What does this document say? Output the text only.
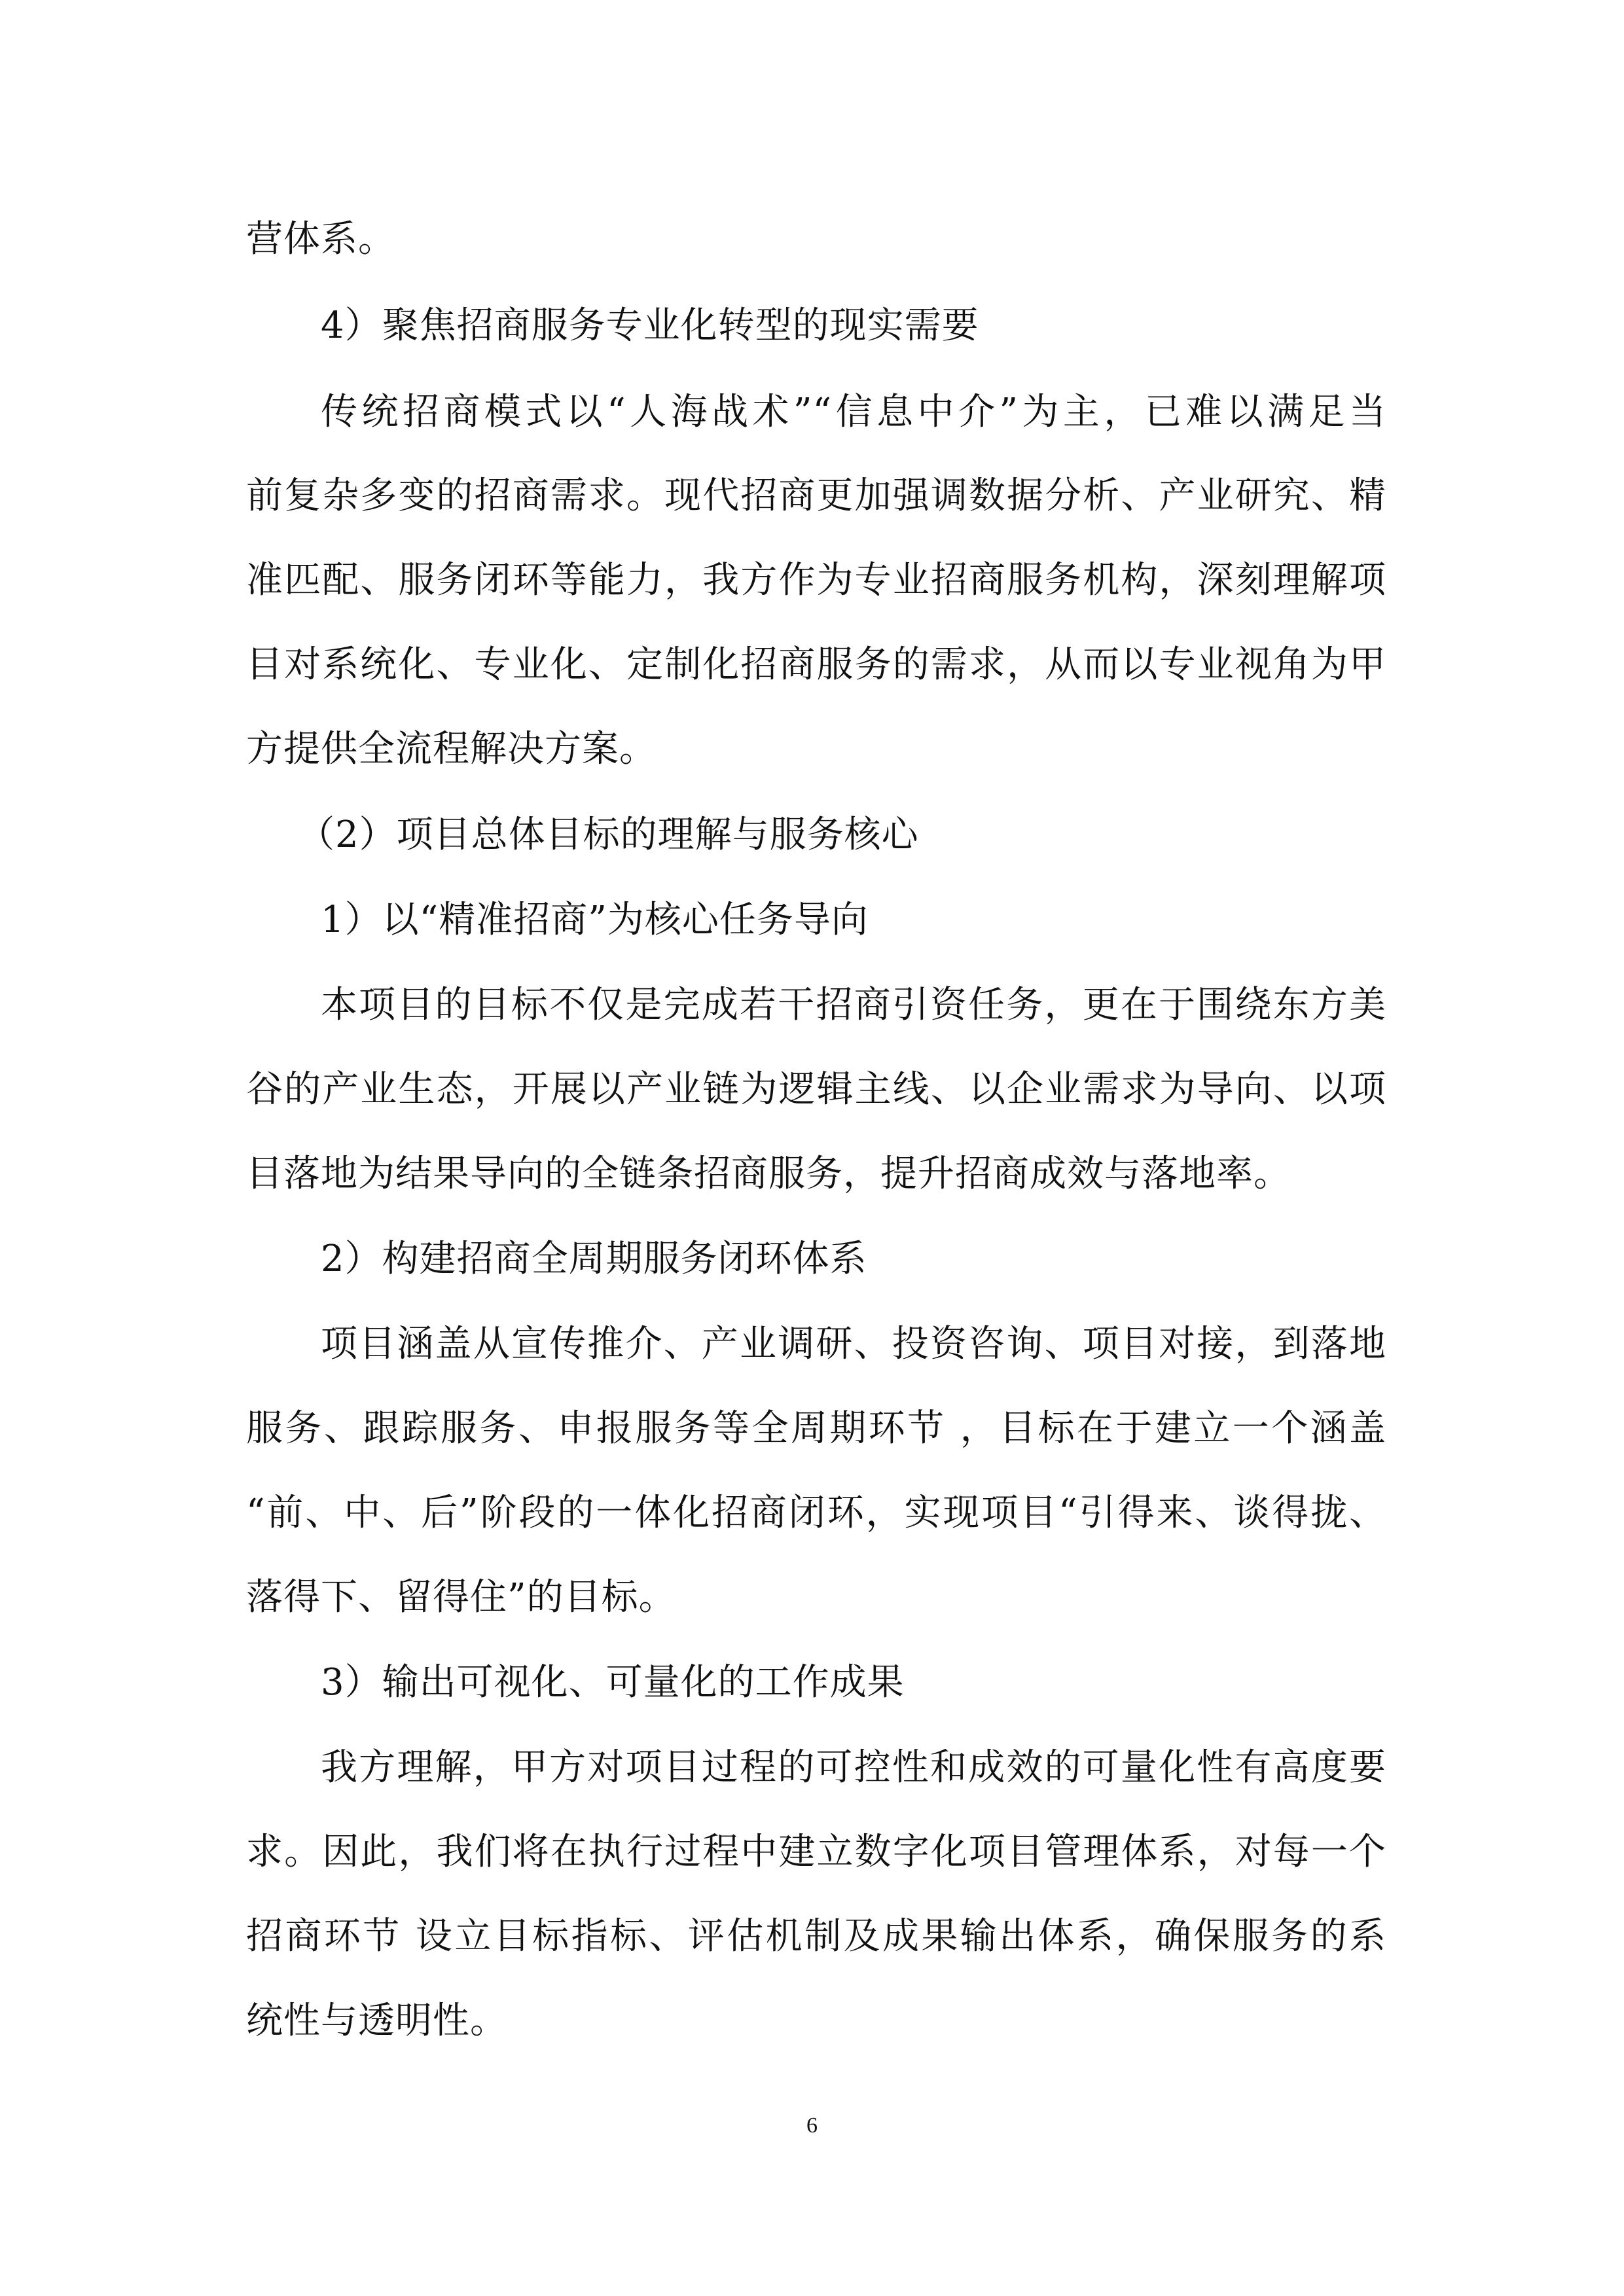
营体系。
4）聚焦招商服务专业化转型的现实需要
传统招商模式以“人海战术”“信息中介”为主，已难以满足当
前复杂多变的招商需求。现代招商更加强调数据分析、产业研究、精
准匹配、服务闭环等能力，我方作为专业招商服务机构，深刻理解项
目对系统化、专业化、定制化招商服务的需求，从而以专业视角为甲
方提供全流程解决方案。
（2）项目总体目标的理解与服务核心
1）以“精准招商”为核心任务导向
本项目的目标不仅是完成若干招商引资任务，更在于围绕东方美
谷的产业生态，开展以产业链为逻辑主线、以企业需求为导向、以项
目落地为结果导向的全链条招商服务，提升招商成效与落地率。
2）构建招商全周期服务闭环体系
项目涵盖从宣传推介、产业调研、投资咨询、项目对接，到落地
服务、跟踪服务、申报服务等全周期环节 ，目标在于建立一个涵盖
“前、中、后”阶段的一体化招商闭环，实现项目“引得来、谈得拢、
落得下、留得住”的目标。
3）输出可视化、可量化的工作成果
我方理解，甲方对项目过程的可控性和成效的可量化性有高度要
求。因此，我们将在执行过程中建立数字化项目管理体系，对每一个
招商环节 设立目标指标、评估机制及成果输出体系，确保服务的系
统性与透明性。
6
